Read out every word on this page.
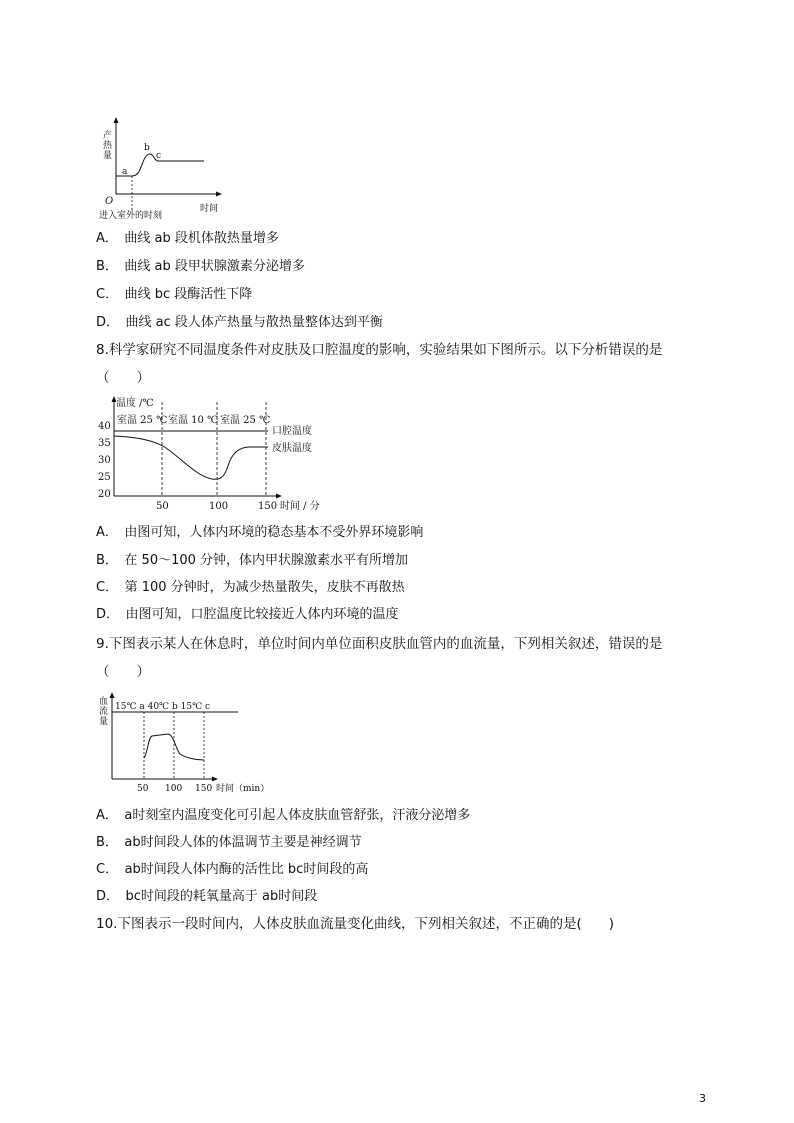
产热量
O
a
b
c
进入室外的时刻
时间
A．　曲线 ab 段机体散热量增多
B．　曲线 ab 段甲状腺激素分泌增多
C．　曲线 bc 段酶活性下降
D．　曲线 ac 段人体产热量与散热量整体达到平衡
8.科学家研究不同温度条件对皮肤及口腔温度的影响，实验结果如下图所示。以下分析错误的是
（　　）
温度 /℃
40
35
30
25
20
室温 25 ℃ 室温 10 ℃ 室温 25 ℃
口腔温度
皮肤温度
50	100	150 时间 / 分
A．　由图可知，人体内环境的稳态基本不受外界环境影响
B．　在 50～100 分钟，体内甲状腺激素水平有所增加
C．　第 100 分钟时，为减少热量散失，皮肤不再散热
D．　由图可知，口腔温度比较接近人体内环境的温度
9.下图表示某人在休息时，单位时间内单位面积皮肤血管内的血流量，下列相关叙述，错误的是
（　　）
血流量 15℃ a 40℃ b 15℃ c
50 100 150 时间（min）
A．　a时刻室内温度变化可引起人体皮肤血管舒张，汗液分泌增多
B．　ab时间段人体的体温调节主要是神经调节
C．　ab时间段人体内酶的活性比 bc时间段的高
D．　bc时间段的耗氧量高于 ab时间段
10.下图表示一段时间内，人体皮肤血流量变化曲线，下列相关叙述，不正确的是(　　)
3
